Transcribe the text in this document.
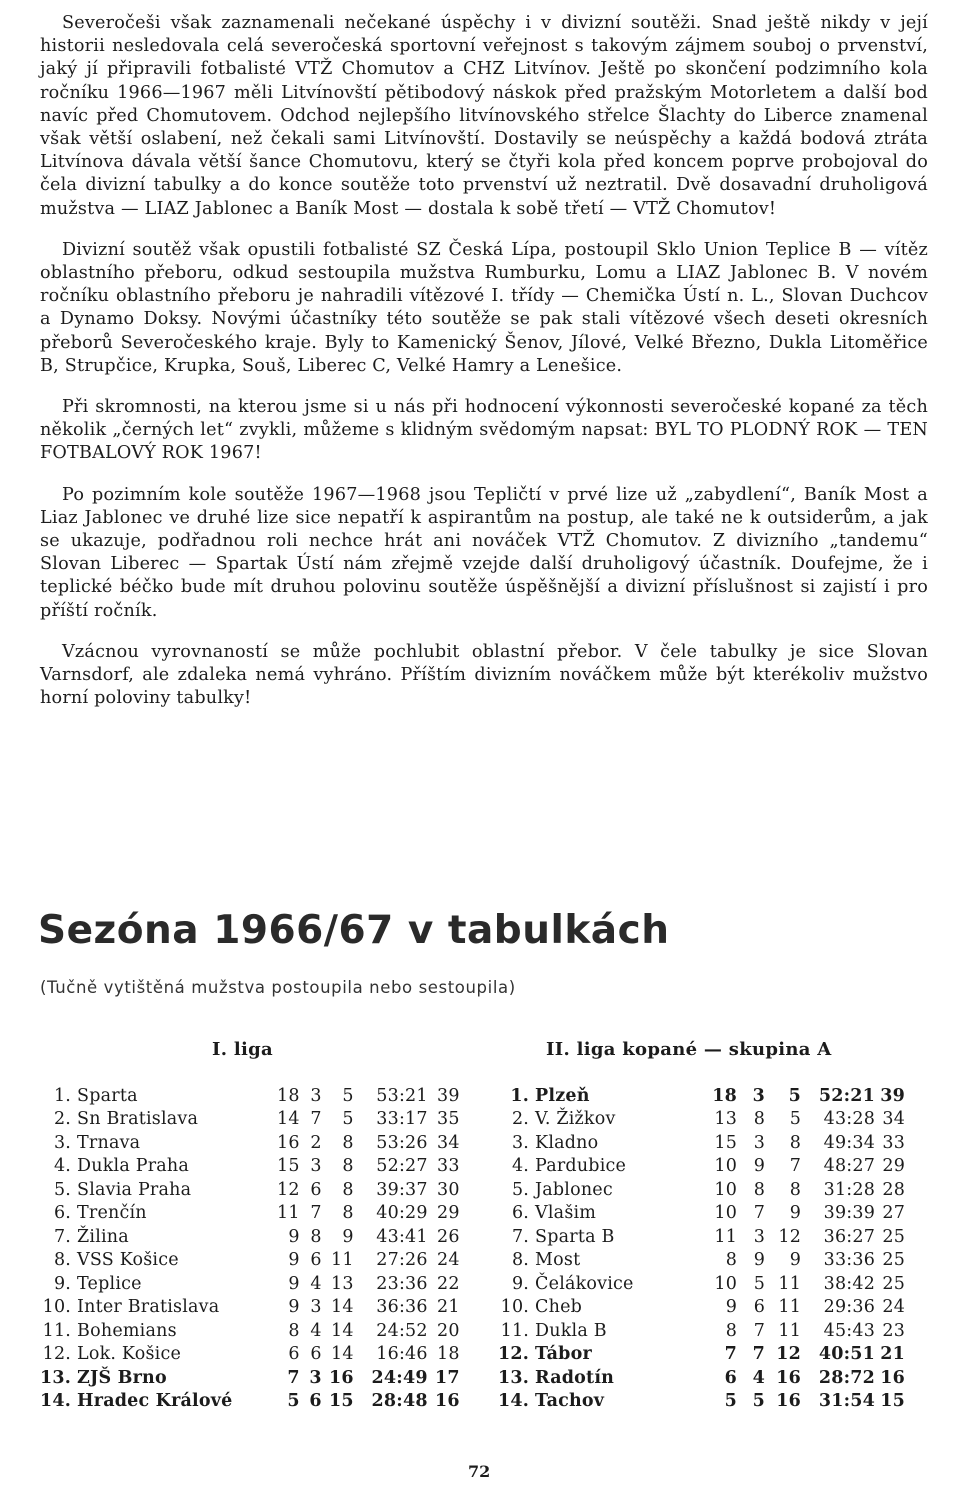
Severočeši však zaznamenali nečekané úspěchy i v divizní soutěži. Snad ještě nikdy v její historii nesledovala celá severočeská sportovní veřejnost s takovým zájmem souboj o prvenství, jaký jí připravili fotbalisté VTŽ Chomutov a CHZ Litvínov. Ještě po skončení podzimního kola ročníku 1966—1967 měli Litvínovští pětibodový náskok před pražským Motorletem a další bod navíc před Chomutovem. Odchod nejlepšího litvínovského střelce Šlachty do Liberce znamenal však větší oslabení, než čekali sami Litvínovští. Dostavily se neúspěchy a každá bodová ztráta Litvínova dávala větší šance Chomutovu, který se čtyři kola před koncem poprve probojoval do čela divizní tabulky a do konce soutěže toto prvenství už neztratil. Dvě dosavadní druholigová mužstva — LIAZ Jablonec a Baník Most — dostala k sobě třetí — VTŽ Chomutov!

Divizní soutěž však opustili fotbalisté SZ Česká Lípa, postoupil Sklo Union Teplice B — vítěz oblastního přeboru, odkud sestoupila mužstva Rumburku, Lomu a LIAZ Jablonec B. V novém ročníku oblastního přeboru je nahradili vítězové I. třídy — Chemička Ústí n. L., Slovan Duchcov a Dynamo Doksy. Novými účastníky této soutěže se pak stali vítězové všech deseti okresních přeborů Severočeského kraje. Byly to Kamenický Šenov, Jílové, Velké Březno, Dukla Litoměřice B, Strupčice, Krupka, Souš, Liberec C, Velké Hamry a Lenešice.

Při skromnosti, na kterou jsme si u nás při hodnocení výkonnosti severočeské kopané za těch několik „černých let“ zvykli, můžeme s klidným svědomým napsat: BYL TO PLODNÝ ROK — TEN FOTBALOVÝ ROK 1967!

Po pozimním kole soutěže 1967—1968 jsou Tepličtí v prvé lize už „zabydlení“, Baník Most a Liaz Jablonec ve druhé lize sice nepatří k aspirantům na postup, ale také ne k outsiderům, a jak se ukazuje, podřadnou roli nechce hrát ani nováček VTŽ Chomutov. Z divizního „tandemu“ Slovan Liberec — Spartak Ústí nám zřejmě vzejde další druholigový účastník. Doufejme, že i teplické béčko bude mít druhou polovinu soutěže úspěšnější a divizní příslušnost si zajistí i pro příští ročník.

Vzácnou vyrovnaností se může pochlubit oblastní přebor. V čele tabulky je sice Slovan Varnsdorf, ale zdaleka nemá vyhráno. Příštím divizním nováčkem může být kterékoliv mužstvo horní poloviny tabulky!

Sezóna 1966/67 v tabulkách
(Tučně vytištěná mužstva postoupila nebo sestoupila)
I. liga	II. liga kopané — skupina A
1.	Sparta	18	3	5	53:21	39
2.	Sn Bratislava	14	7	5	33:17	35
3.	Trnava	16	2	8	53:26	34
4.	Dukla Praha	15	3	8	52:27	33
5.	Slavia Praha	12	6	8	39:37	30
6.	Trenčín	11	7	8	40:29	29
7.	Žilina	9	8	9	43:41	26
8.	VSS Košice	9	6	11	27:26	24
9.	Teplice	9	4	13	23:36	22
10.	Inter Bratislava	9	3	14	36:36	21
11.	Bohemians	8	4	14	24:52	20
12.	Lok. Košice	6	6	14	16:46	18
13.	ZJŠ Brno	7	3	16	24:49	17
14.	Hradec Králové	5	6	15	28:48	16
1.	Plzeň	18	3	5	52:21	39
2.	V. Žižkov	13	8	5	43:28	34
3.	Kladno	15	3	8	49:34	33
4.	Pardubice	10	9	7	48:27	29
5.	Jablonec	10	8	8	31:28	28
6.	Vlašim	10	7	9	39:39	27
7.	Sparta B	11	3	12	36:27	25
8.	Most	8	9	9	33:36	25
9.	Čelákovice	10	5	11	38:42	25
10.	Cheb	9	6	11	29:36	24
11.	Dukla B	8	7	11	45:43	23
12.	Tábor	7	7	12	40:51	21
13.	Radotín	6	4	16	28:72	16
14.	Tachov	5	5	16	31:54	15
72
